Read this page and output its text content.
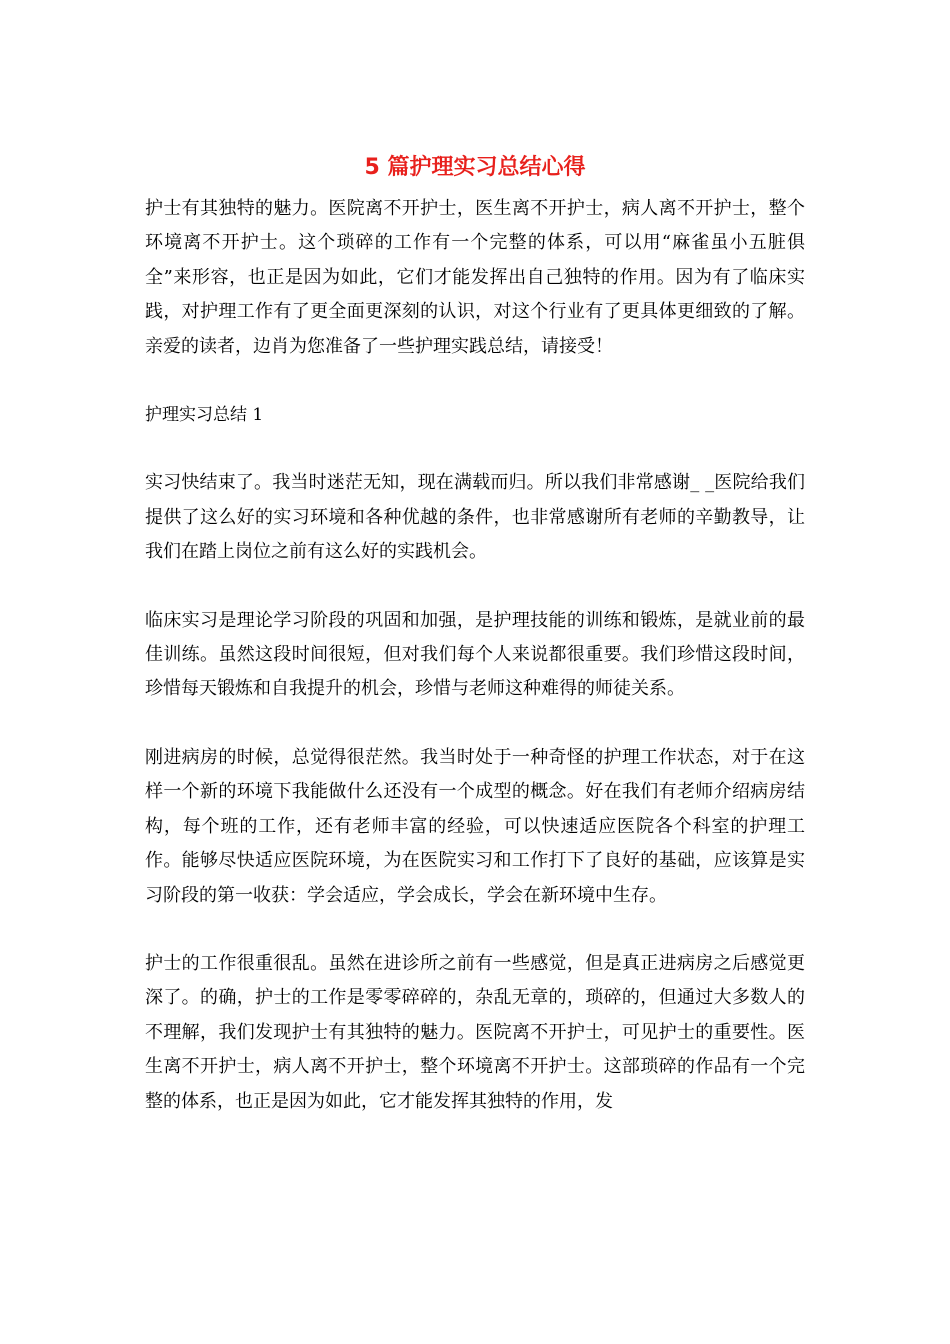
5 篇护理实习总结心得

护士有其独特的魅力。医院离不开护士，医生离不开护士，病人离不开护士，整个环境离不开护士。这个琐碎的工作有一个完整的体系，可以用“麻雀虽小五脏俱全”来形容，也正是因为如此，它们才能发挥出自己独特的作用。因为有了临床实践，对护理工作有了更全面更深刻的认识，对这个行业有了更具体更细致的了解。亲爱的读者，边肖为您准备了一些护理实践总结，请接受！

护理实习总结 1

实习快结束了。我当时迷茫无知，现在满载而归。所以我们非常感谢_ _医院给我们提供了这么好的实习环境和各种优越的条件，也非常感谢所有老师的辛勤教导，让我们在踏上岗位之前有这么好的实践机会。

临床实习是理论学习阶段的巩固和加强，是护理技能的训练和锻炼，是就业前的最佳训练。虽然这段时间很短，但对我们每个人来说都很重要。我们珍惜这段时间，珍惜每天锻炼和自我提升的机会，珍惜与老师这种难得的师徒关系。

刚进病房的时候，总觉得很茫然。我当时处于一种奇怪的护理工作状态，对于在这样一个新的环境下我能做什么还没有一个成型的概念。好在我们有老师介绍病房结构，每个班的工作，还有老师丰富的经验，可以快速适应医院各个科室的护理工作。能够尽快适应医院环境，为在医院实习和工作打下了良好的基础，应该算是实习阶段的第一收获：学会适应，学会成长，学会在新环境中生存。

护士的工作很重很乱。虽然在进诊所之前有一些感觉，但是真正进病房之后感觉更深了。的确，护士的工作是零零碎碎的，杂乱无章的，琐碎的，但通过大多数人的不理解，我们发现护士有其独特的魅力。医院离不开护士，可见护士的重要性。医生离不开护士，病人离不开护士，整个环境离不开护士。这部琐碎的作品有一个完整的体系，也正是因为如此，它才能发挥其独特的作用，发
